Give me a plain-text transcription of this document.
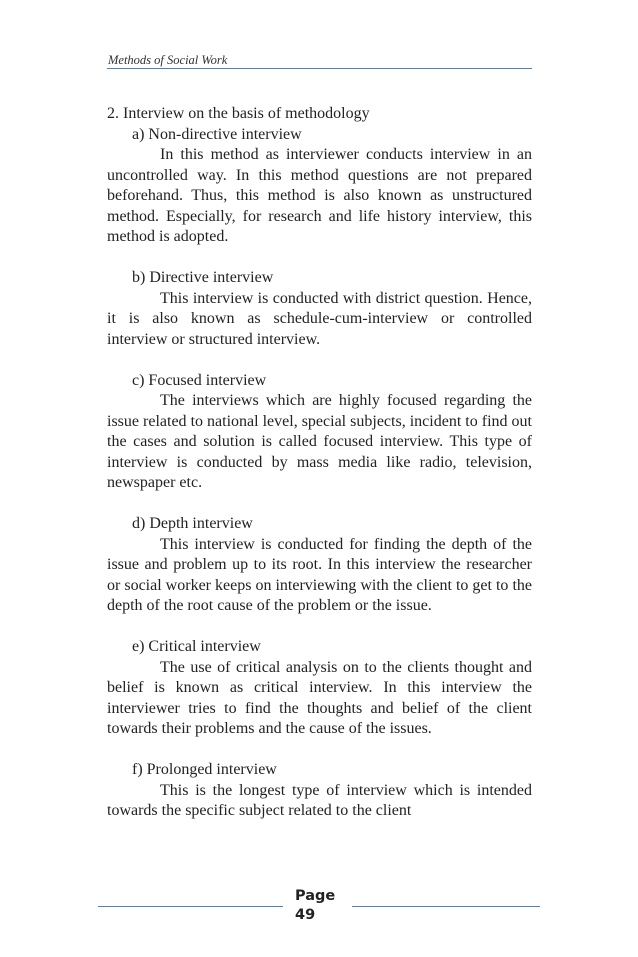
Methods of Social Work
2. Interview on the basis of methodology
a) Non-directive interview

In this method as interviewer conducts interview in an uncontrolled way. In this method questions are not prepared beforehand. Thus, this method is also known as unstructured method. Especially, for research and life history interview, this method is adopted.

b) Directive interview

This interview is conducted with district question. Hence, it is also known as schedule-cum-interview or controlled interview or structured interview.

c) Focused interview

The interviews which are highly focused regarding the issue related to national level, special subjects, incident to find out the cases and solution is called focused interview. This type of interview is conducted by mass media like radio, television, newspaper etc.

d) Depth interview

This interview is conducted for finding the depth of the issue and problem up to its root. In this interview the researcher or social worker keeps on interviewing with the client to get to the depth of the root cause of the problem or the issue.

e) Critical interview

The use of critical analysis on to the clients thought and belief is known as critical interview. In this interview the interviewer tries to find the thoughts and belief of the client towards their problems and the cause of the issues.

f) Prolonged interview

This is the longest type of interview which is intended towards the specific subject related to the client

Page
49
